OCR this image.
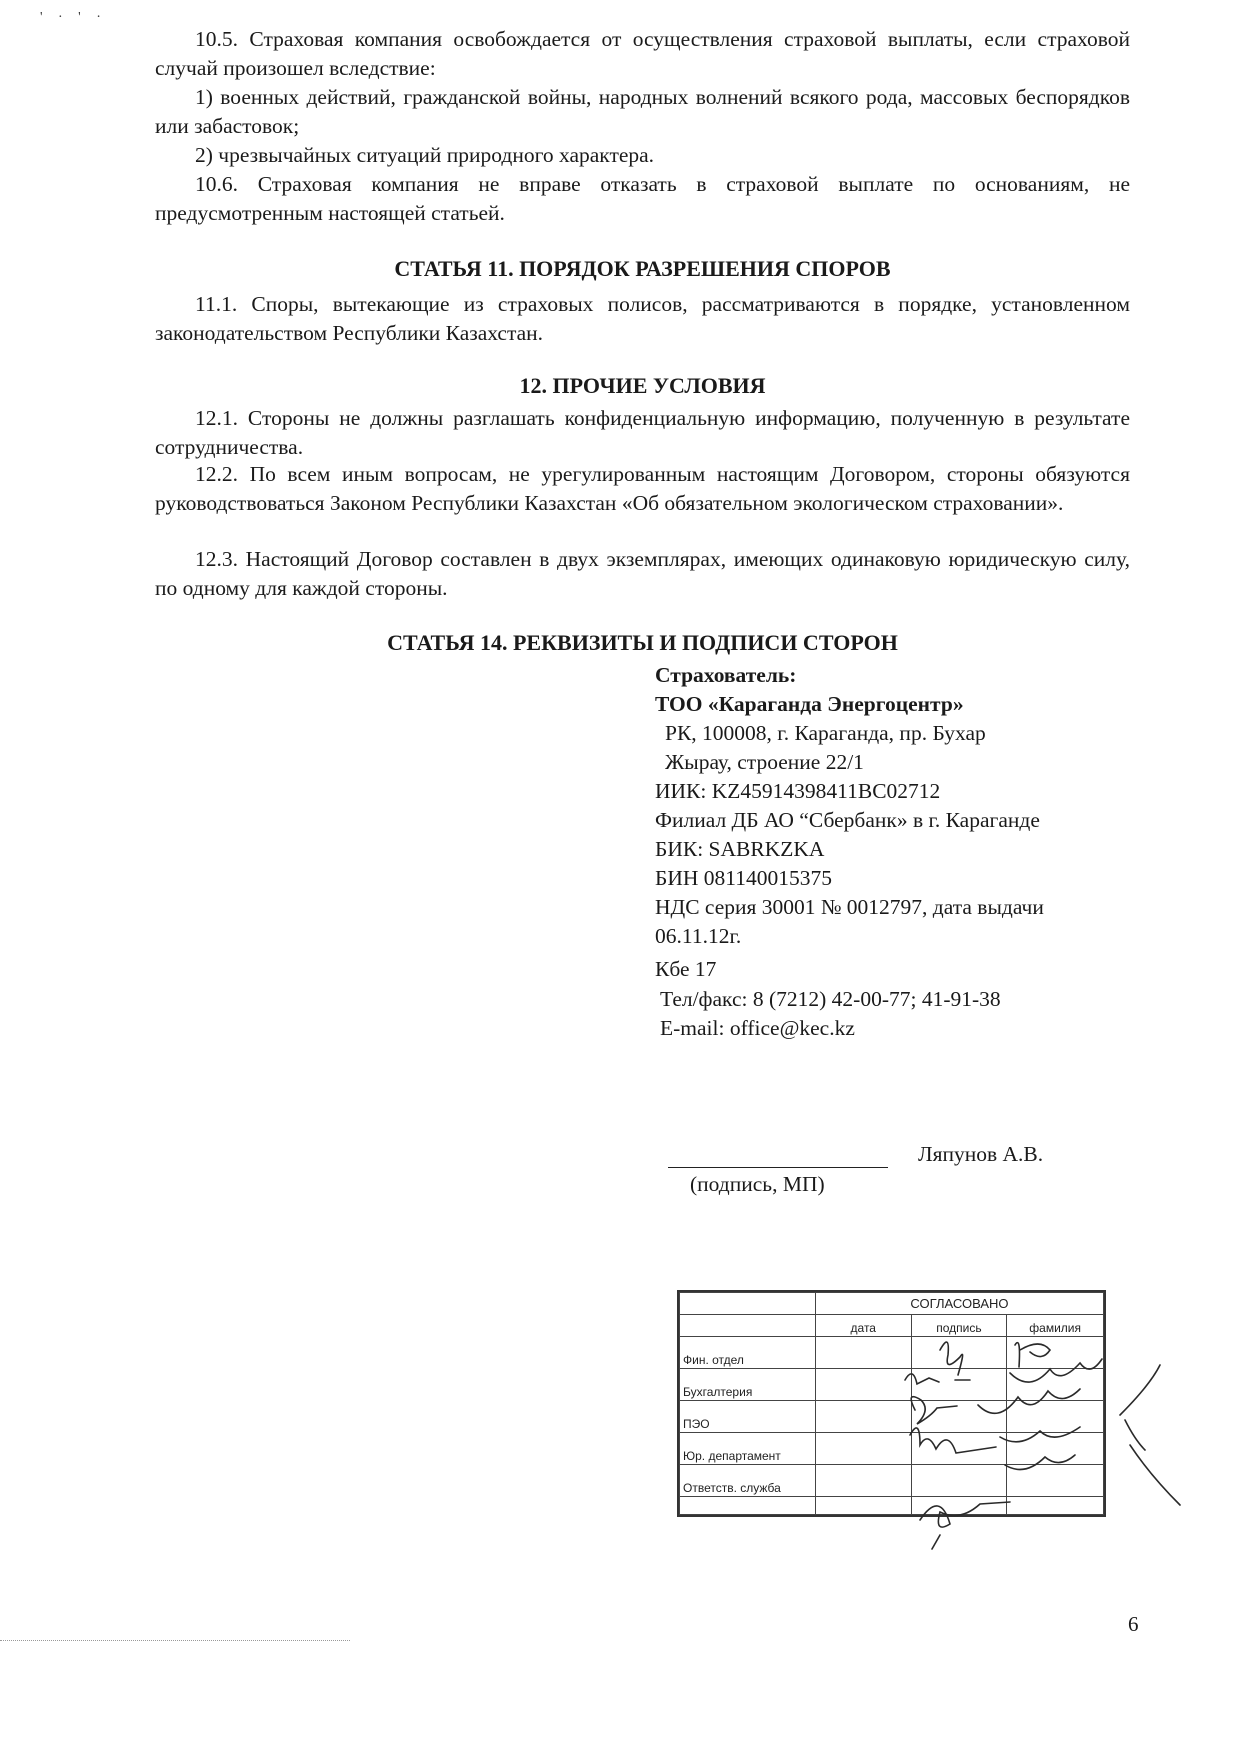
' · ' ·

10.5. Страховая компания освобождается от осуществления страховой выплаты, если страховой случай произошел вследствие:

1) военных действий, гражданской войны, народных волнений всякого рода, массовых беспорядков или забастовок;

2) чрезвычайных ситуаций природного характера.

10.6. Страховая компания не вправе отказать в страховой выплате по основаниям, не предусмотренным настоящей статьей.

СТАТЬЯ 11. ПОРЯДОК РАЗРЕШЕНИЯ СПОРОВ

11.1. Споры, вытекающие из страховых полисов, рассматриваются в порядке, установленном законодательством Республики Казахстан.

12. ПРОЧИЕ УСЛОВИЯ

12.1. Стороны не должны разглашать конфиденциальную информацию, полученную в результате сотрудничества.

12.2. По всем иным вопросам, не урегулированным настоящим Договором, стороны обязуются руководствоваться Законом Республики Казахстан «Об обязательном экологическом страховании».

12.3. Настоящий Договор составлен в двух экземплярах, имеющих одинаковую юридическую силу, по одному для каждой стороны.

СТАТЬЯ 14. РЕКВИЗИТЫ И ПОДПИСИ СТОРОН

Страхователь:

ТОО «Караганда Энергоцентр»

РК, 100008, г. Караганда, пр. Бухар

Жырау, строение 22/1

ИИК: KZ45914398411BC02712

Филиал ДБ АО “Сбербанк» в г. Караганде

БИК: SABRKZKA

БИН 081140015375

НДС серия 30001 № 0012797, дата выдачи

06.11.12г.

Кбе 17

Тел/факс: 8 (7212) 42-00-77; 41-91-38

E-mail: office@kec.kz

Ляпунов А.В.

(подпись, МП)

	СОГЛАСОВАНО		
	дата	подпись	фамилия
Фин. отдел			
Бухгалтерия			
ПЭО			
Юр. департамент			
Ответств. служба			

6
